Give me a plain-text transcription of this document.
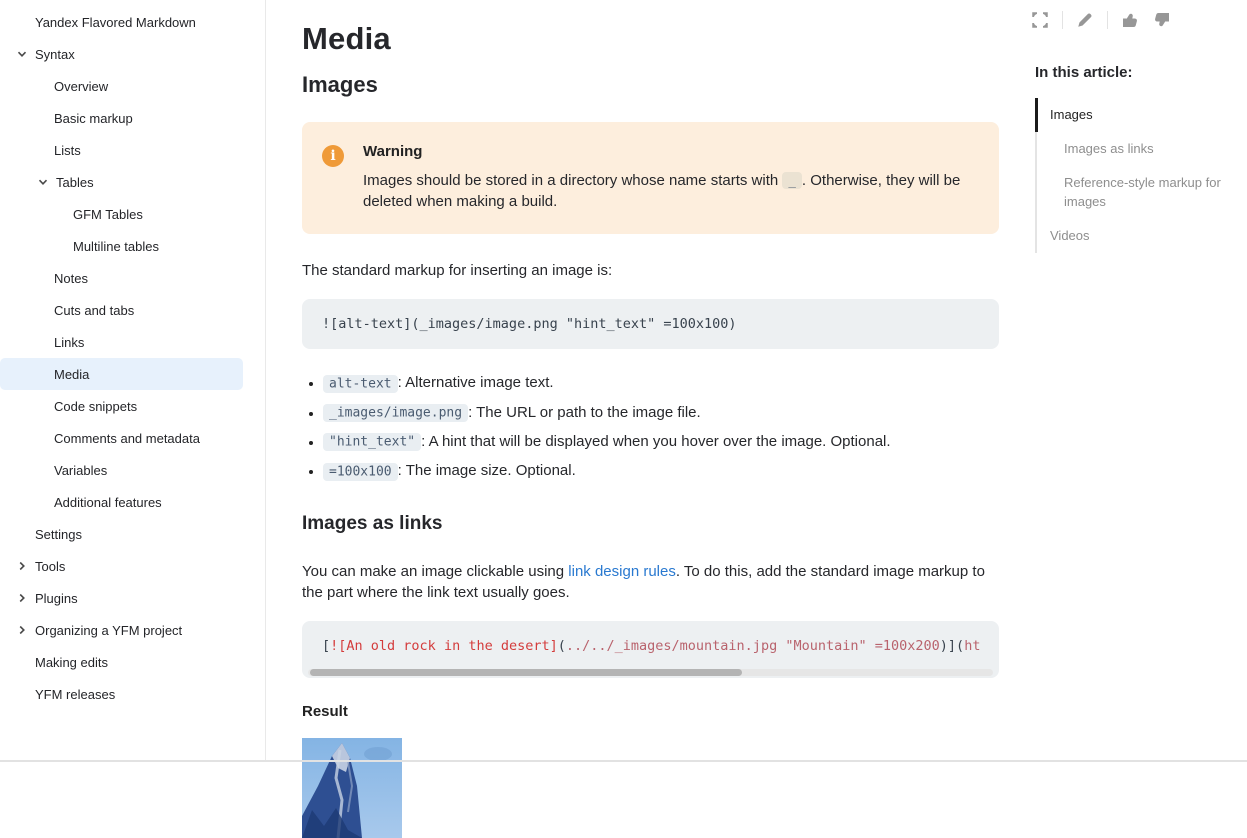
Yandex Flavored Markdown
Syntax
Overview
Basic markup
Lists
Tables
GFM Tables
Multiline tables
Notes
Cuts and tabs
Links
Media
Code snippets
Comments and metadata
Variables
Additional features
Settings
Tools
Plugins
Organizing a YFM project
Making edits
YFM releases
Media
Images
i	Warning
Images should be stored in a directory whose name starts with _ . Otherwise, they will be deleted when making a build.

The standard markup for inserting an image is:

![alt-text](_images/image.png "hint_text" =100x100)
• alt-text : Alternative image text.
• _images/image.png : The URL or path to the image file.
• "hint_text" : A hint that will be displayed when you hover over the image. Optional.
• =100x100 : The image size. Optional.
Images as links

You can make an image clickable using link design rules. To do this, add the standard image markup to the part where the link text usually goes.

[![An old rock in the desert](../../_images/mountain.jpg "Mountain" =100x200)](ht
Result
In this article:
Images
Images as links
Reference-style markup for images
Videos
